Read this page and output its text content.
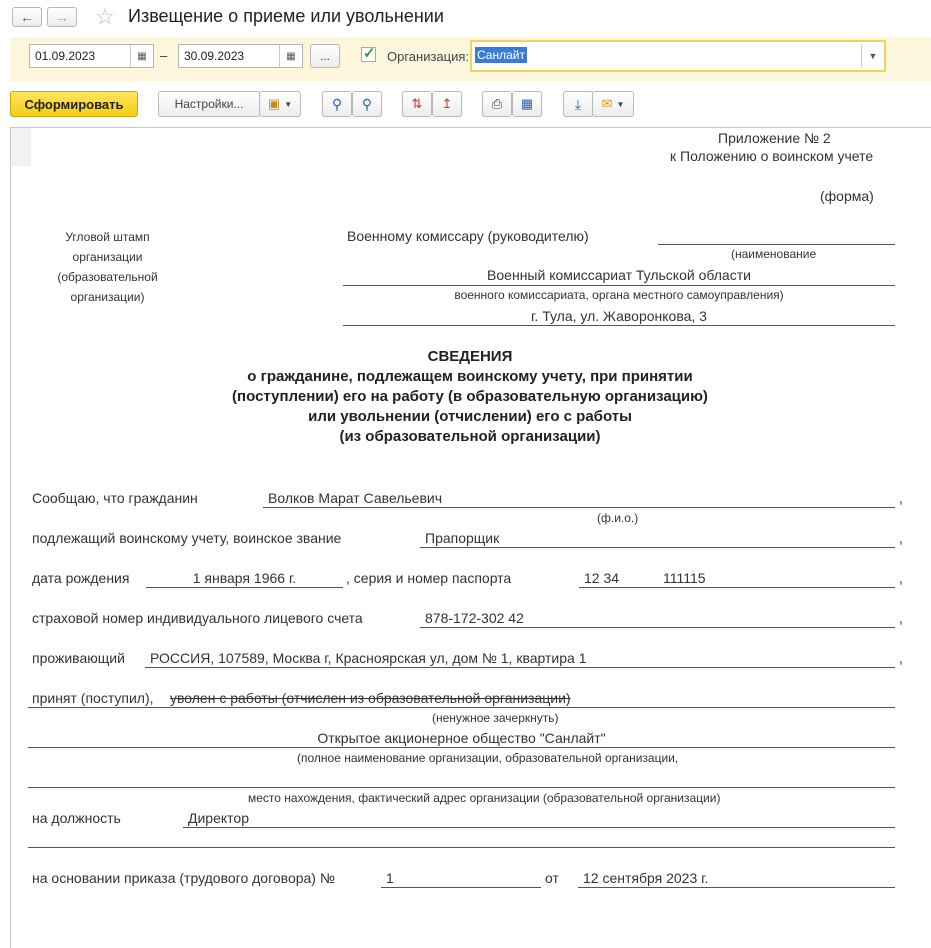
← → ☆ Извещение о приеме или увольнении
01.09.2023	▦	–	30.09.2023	▦	...	✓ Организация: Санлайт	▼
Сформировать	Настройки...	▣ ▼	⚲ ⚲	⇅ ↥	⎙ ▦	⤓ ✉ ▼
Приложение № 2
к Положению о воинском учете
(форма)
Угловой штамп
организации
(образовательной
организации)
Военному комиссару (руководителю)
(наименование
Военный комиссариат Тульской области
военного комиссариата, органа местного самоуправления)
г. Тула, ул. Жаворонкова, 3
СВЕДЕНИЯ
о гражданине, подлежащем воинскому учету, при принятии
(поступлении) его на работу (в образовательную организацию)
или увольнении (отчислении) его с работы
(из образовательной организации)
Сообщаю, что гражданин	Волков Марат Савельевич	,
(ф.и.о.)
подлежащий воинскому учету, воинское звание	Прапорщик	,
дата рождения	1 января 1966 г.	, серия и номер паспорта	12 34	111115	,
страховой номер индивидуального лицевого счета	878-172-302 42	,
проживающий РОССИЯ, 107589, Москва г, Красноярская ул, дом № 1, квартира 1	,
принят (поступил), уволен с работы (отчислен из образовательной организации)
(ненужное зачеркнуть)
Открытое акционерное общество "Санлайт"
(полное наименование организации, образовательной организации,
место нахождения, фактический адрес организации (образовательной организации)
на должность	Директор
на основании приказа (трудового договора) №	1	от 12 сентября 2023 г.
